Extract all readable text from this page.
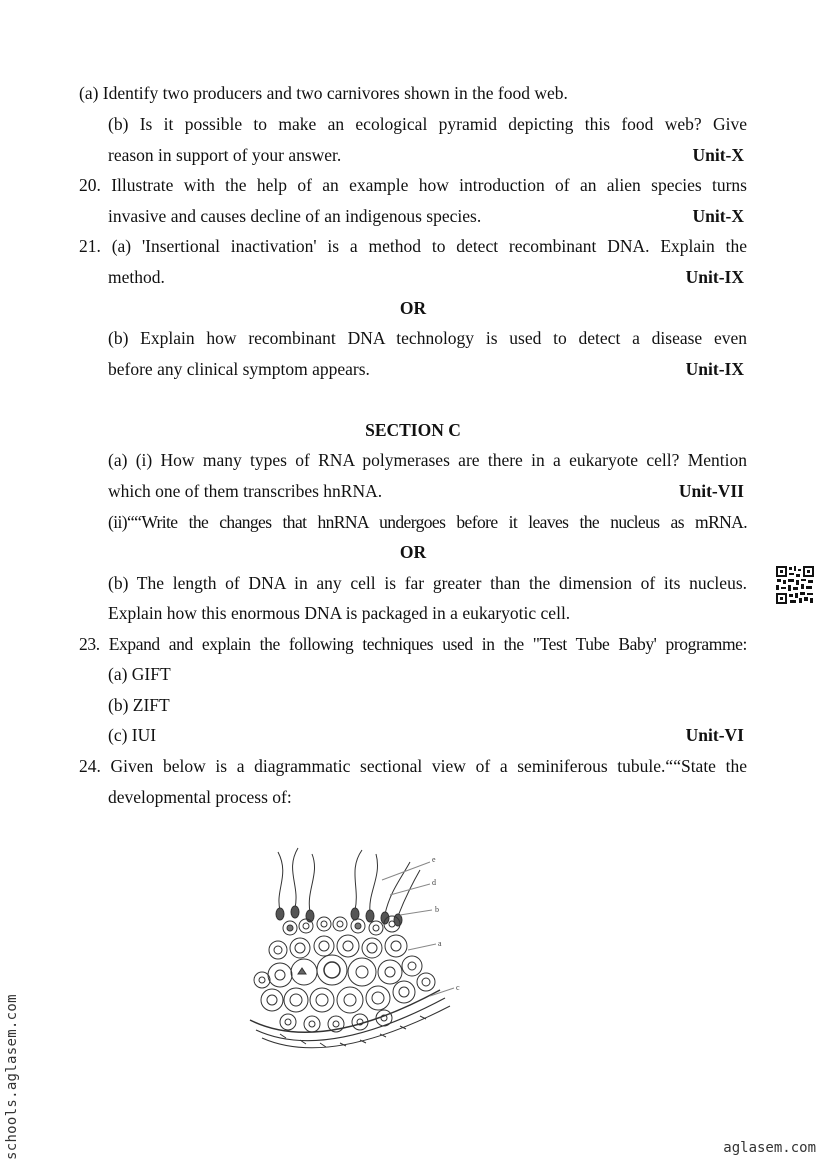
(a) Identify two producers and two carnivores shown in the food web.
(b) Is it possible to make an ecological pyramid depicting this food web? Give
reason in support of your answer.	Unit-X
20. Illustrate with the help of an example how introduction of an alien species turns
invasive and causes decline of an indigenous species.	Unit-X
21. (a) 'Insertional inactivation' is a method to detect recombinant DNA. Explain the
method.	Unit-IX
OR
(b) Explain how recombinant DNA technology is used to detect a disease even
before any clinical symptom appears.	Unit-IX
SECTION C
(a) (i) How many types of RNA polymerases are there in a eukaryote cell? Mention
which one of them transcribes hnRNA.	Unit-VII
(ii)““Write the changes that hnRNA undergoes before it leaves the nucleus as mRNA.
OR
(b) The length of DNA in any cell is far greater than the dimension of its nucleus.
Explain how this enormous DNA is packaged in a eukaryotic cell.
23. Expand and explain the following techniques used in the "Test Tube Baby' programme:
(a) GIFT
(b) ZIFT
(c) IUI	Unit-VI
24. Given below is a diagrammatic sectional view of a seminiferous tubule.““State the
developmental process of:
e
d
b
a
c
schools.aglasem.com	aglasem.com
